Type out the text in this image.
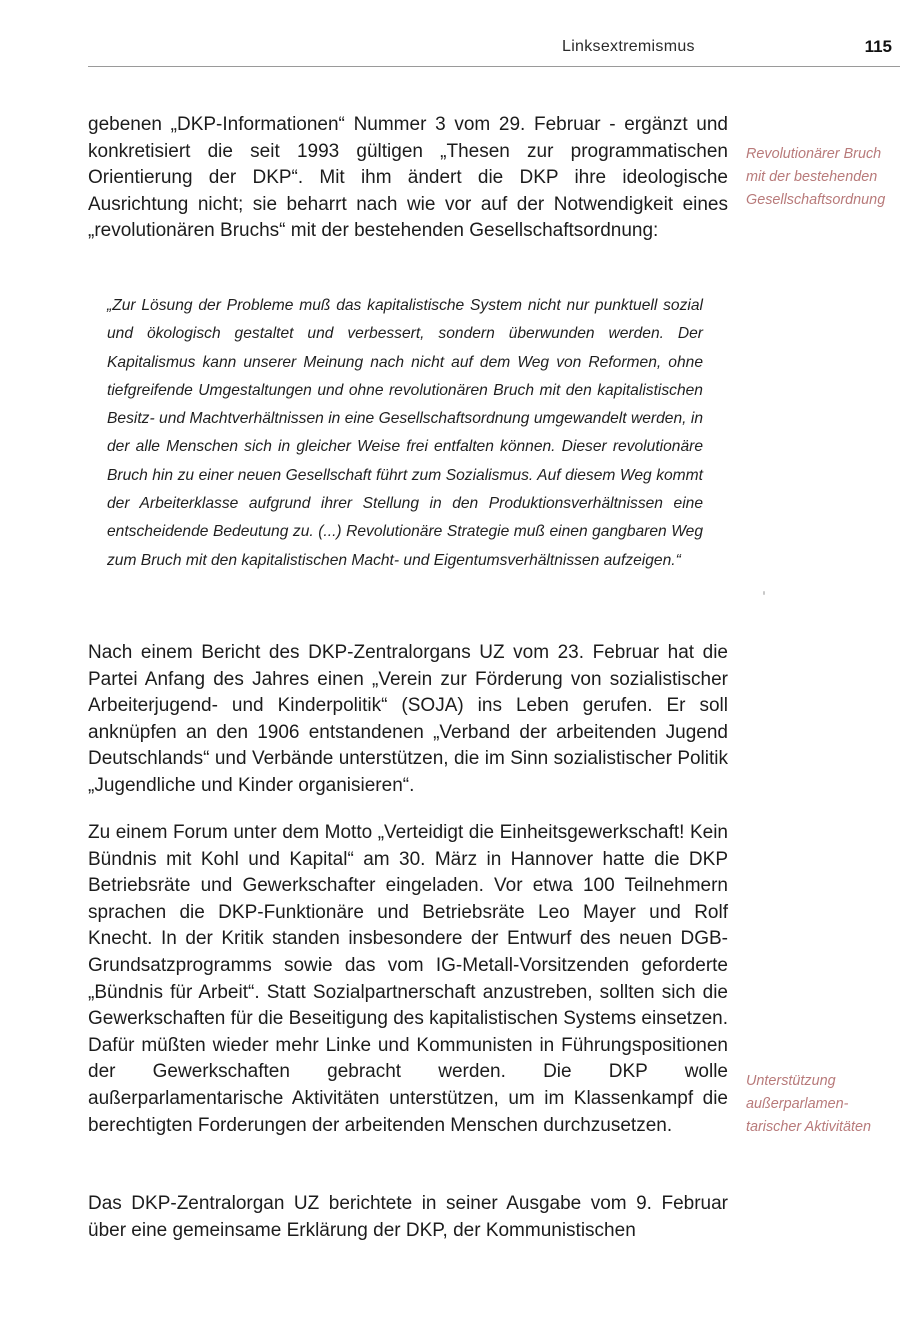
Linksextremismus	115

gebenen „DKP-Informationen“ Nummer 3 vom 29. Februar - ergänzt und konkretisiert die seit 1993 gültigen „Thesen zur programmatischen Orientierung der DKP“. Mit ihm ändert die DKP ihre ideologische Ausrichtung nicht; sie beharrt nach wie vor auf der Notwendigkeit eines „revolutionären Bruchs“ mit der bestehenden Gesellschaftsordnung:

„Zur Lösung der Probleme muß das kapitalistische System nicht nur punktuell sozial und ökologisch gestaltet und verbessert, sondern überwunden werden. Der Kapitalismus kann unserer Meinung nach nicht auf dem Weg von Reformen, ohne tiefgreifende Umgestaltungen und ohne revolutionären Bruch mit den kapitalistischen Besitz- und Machtverhältnissen in eine Gesellschaftsordnung umgewandelt werden, in der alle Menschen sich in gleicher Weise frei entfalten können. Dieser revolutionäre Bruch hin zu einer neuen Gesellschaft führt zum Sozialismus. Auf diesem Weg kommt der Arbeiterklasse aufgrund ihrer Stellung in den Produktionsverhältnissen eine entscheidende Bedeutung zu. (...) Revolutionäre Strategie muß einen gangbaren Weg zum Bruch mit den kapitalistischen Macht- und Eigentumsverhältnissen aufzeigen.“

Nach einem Bericht des DKP-Zentralorgans UZ vom 23. Februar hat die Partei Anfang des Jahres einen „Verein zur Förderung von sozialistischer Arbeiterjugend- und Kinderpolitik“ (SOJA) ins Leben gerufen. Er soll anknüpfen an den 1906 entstandenen „Verband der arbeitenden Jugend Deutschlands“ und Verbände unterstützen, die im Sinn sozialistischer Politik „Jugendliche und Kinder organisieren“.

Zu einem Forum unter dem Motto „Verteidigt die Einheitsgewerkschaft! Kein Bündnis mit Kohl und Kapital“ am 30. März in Hannover hatte die DKP Betriebsräte und Gewerkschafter eingeladen. Vor etwa 100 Teilnehmern sprachen die DKP-Funktionäre und Betriebsräte Leo Mayer und Rolf Knecht. In der Kritik standen insbesondere der Entwurf des neuen DGB-Grundsatzprogramms sowie das vom IG-Metall-Vorsitzenden geforderte „Bündnis für Arbeit“. Statt Sozialpartnerschaft anzustreben, sollten sich die Gewerkschaften für die Beseitigung des kapitalistischen Systems einsetzen. Dafür müßten wieder mehr Linke und Kommunisten in Führungspositionen der Gewerkschaften gebracht werden. Die DKP wolle außerparlamentarische Aktivitäten unterstützen, um im Klassenkampf die berechtigten Forderungen der arbeitenden Menschen durchzusetzen.

Das DKP-Zentralorgan UZ berichtete in seiner Ausgabe vom 9. Februar über eine gemeinsame Erklärung der DKP, der Kommunistischen

Revolutionärer Bruch mit der bestehenden Gesellschaftsordnung

Unterstützung außerparlamentarischer Aktivitäten
